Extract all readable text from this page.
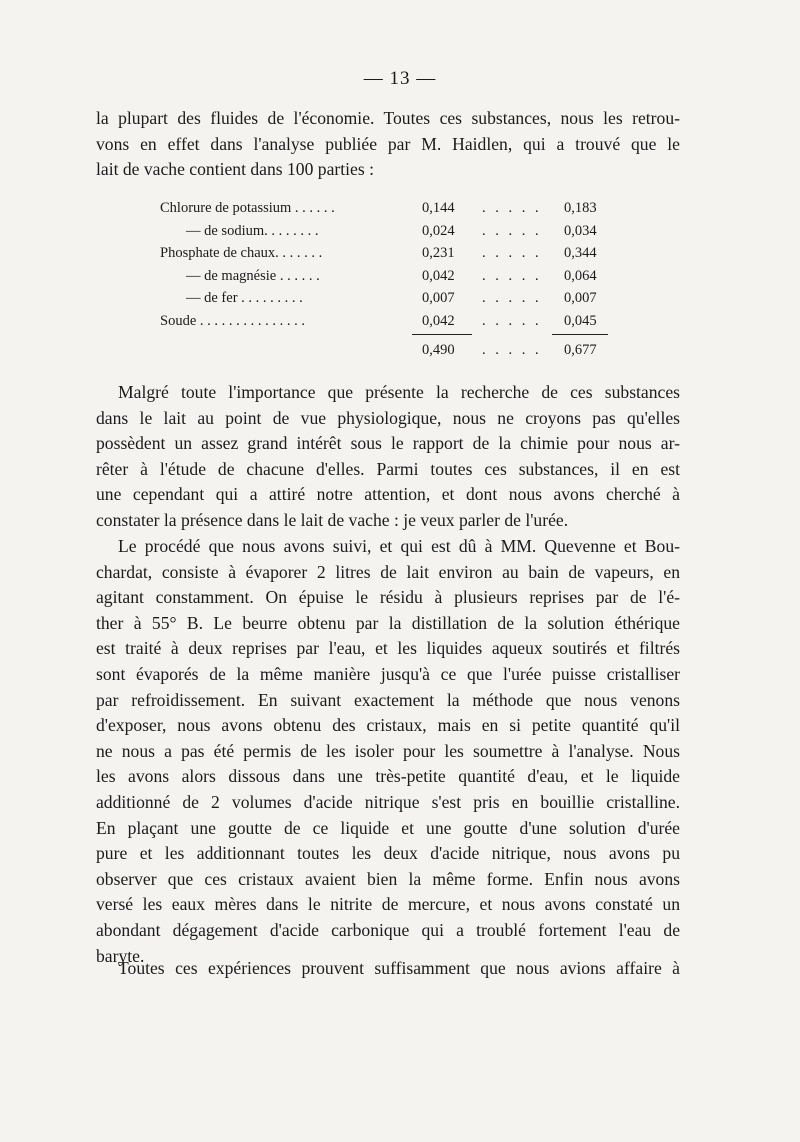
— 13 —
la plupart des fluides de l'économie. Toutes ces substances, nous les retrou-
vons en effet dans l'analyse publiée par M. Haidlen, qui a trouvé que le
lait de vache contient dans 100 parties :
Chlorure de potassium . . . . . .	0,144 . . . . . 0,183
— de sodium. . . . . . . .	0,024 . . . . . 0,034
Phosphate de chaux. . . . . . .	0,231 . . . . . 0,344
— de magnésie . . . . . .	0,042 . . . . . 0,064
— de fer . . . . . . . . .	0,007 . . . . . 0,007
Soude . . . . . . . . . . . . . . .	0,042 . . . . . 0,045
0,490 . . . . . 0,677
Malgré toute l'importance que présente la recherche de ces substances
dans le lait au point de vue physiologique, nous ne croyons pas qu'elles
possèdent un assez grand intérêt sous le rapport de la chimie pour nous ar-
rêter à l'étude de chacune d'elles. Parmi toutes ces substances, il en est
une cependant qui a attiré notre attention, et dont nous avons cherché à
constater la présence dans le lait de vache : je veux parler de l'urée.
Le procédé que nous avons suivi, et qui est dû à MM. Quevenne et Bou-
chardat, consiste à évaporer 2 litres de lait environ au bain de vapeurs, en
agitant constamment. On épuise le résidu à plusieurs reprises par de l'é-
ther à 55° B. Le beurre obtenu par la distillation de la solution éthérique
est traité à deux reprises par l'eau, et les liquides aqueux soutirés et filtrés
sont évaporés de la même manière jusqu'à ce que l'urée puisse cristalliser
par refroidissement. En suivant exactement la méthode que nous venons
d'exposer, nous avons obtenu des cristaux, mais en si petite quantité qu'il
ne nous a pas été permis de les isoler pour les soumettre à l'analyse. Nous
les avons alors dissous dans une très-petite quantité d'eau, et le liquide
additionné de 2 volumes d'acide nitrique s'est pris en bouillie cristalline.
En plaçant une goutte de ce liquide et une goutte d'une solution d'urée
pure et les additionnant toutes les deux d'acide nitrique, nous avons pu
observer que ces cristaux avaient bien la même forme. Enfin nous avons
versé les eaux mères dans le nitrite de mercure, et nous avons constaté un
abondant dégagement d'acide carbonique qui a troublé fortement l'eau de
baryte.
Toutes ces expériences prouvent suffisamment que nous avions affaire à
